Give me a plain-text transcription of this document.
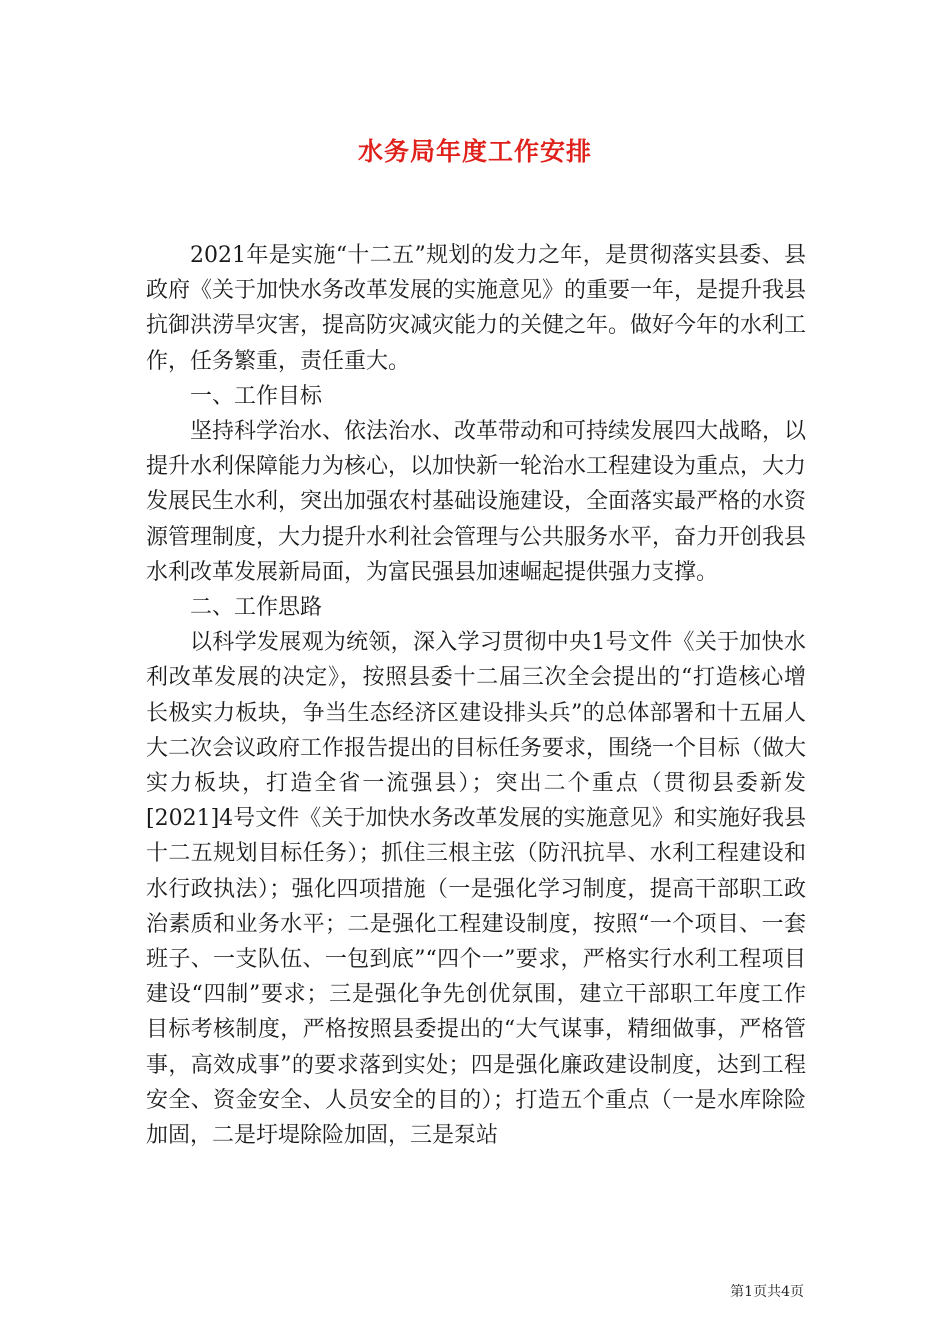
水务局年度工作安排

2021年是实施“十二五”规划的发力之年，是贯彻落实县委、县政府《关于加快水务改革发展的实施意见》的重要一年，是提升我县抗御洪涝旱灾害，提高防灾减灾能力的关健之年。做好今年的水利工作，任务繁重，责任重大。

一、工作目标

坚持科学治水、依法治水、改革带动和可持续发展四大战略，以提升水利保障能力为核心，以加快新一轮治水工程建设为重点，大力发展民生水利，突出加强农村基础设施建设，全面落实最严格的水资源管理制度，大力提升水利社会管理与公共服务水平，奋力开创我县水利改革发展新局面，为富民强县加速崛起提供强力支撑。

二、工作思路

以科学发展观为统领，深入学习贯彻中央1号文件《关于加快水利改革发展的决定》，按照县委十二届三次全会提出的“打造核心增长极实力板块，争当生态经济区建设排头兵”的总体部署和十五届人大二次会议政府工作报告提出的目标任务要求，围绕一个目标（做大实力板块，打造全省一流强县）；突出二个重点（贯彻县委新发[2021]4号文件《关于加快水务改革发展的实施意见》和实施好我县十二五规划目标任务）；抓住三根主弦（防汛抗旱、水利工程建设和水行政执法）；强化四项措施（一是强化学习制度，提高干部职工政治素质和业务水平；二是强化工程建设制度，按照“一个项目、一套班子、一支队伍、一包到底”“四个一”要求，严格实行水利工程项目建设“四制”要求；三是强化争先创优氛围，建立干部职工年度工作目标考核制度，严格按照县委提出的“大气谋事，精细做事，严格管事，高效成事”的要求落到实处；四是强化廉政建设制度，达到工程安全、资金安全、人员安全的目的）；打造五个重点（一是水库除险加固，二是圩堤除险加固，三是泵站

第1页共4页
